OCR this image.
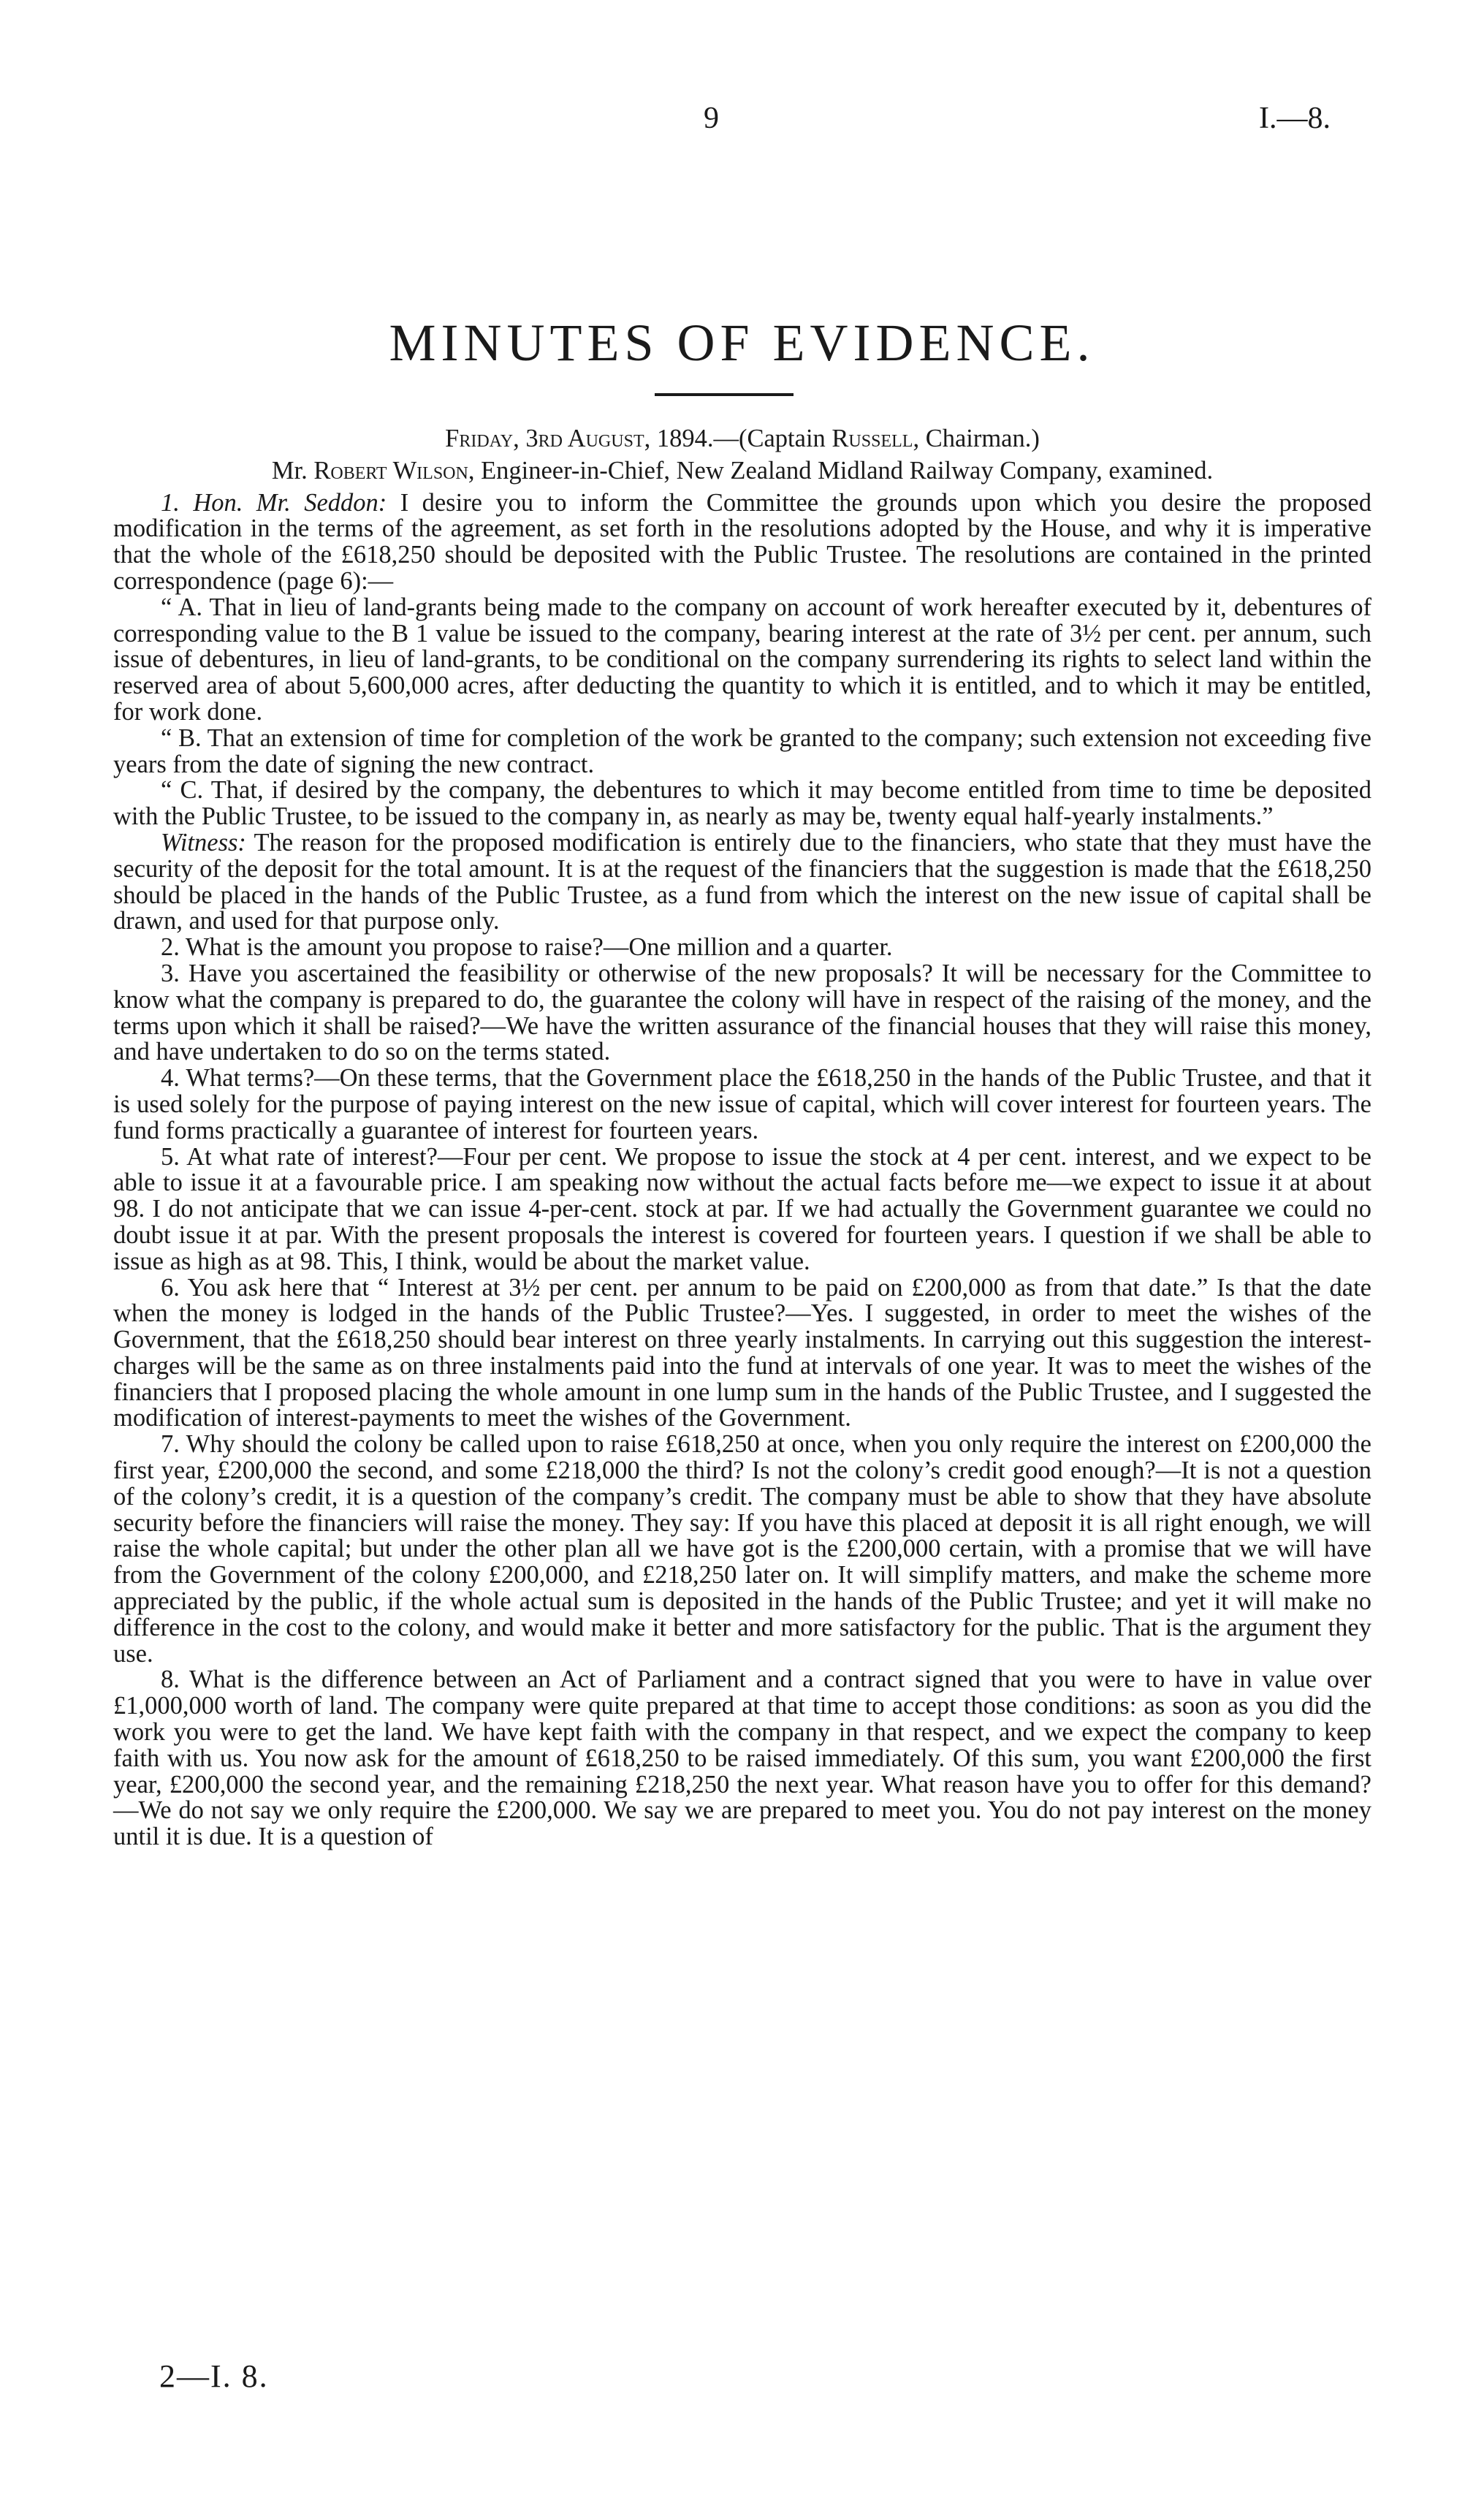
9	I.—8.
MINUTES OF EVIDENCE.
Friday, 3rd August, 1894.—(Captain Russell, Chairman.)
Mr. Robert Wilson, Engineer-in-Chief, New Zealand Midland Railway Company, examined.

1. Hon. Mr. Seddon: I desire you to inform the Committee the grounds upon which you desire the proposed modification in the terms of the agreement, as set forth in the resolutions adopted by the House, and why it is imperative that the whole of the £618,250 should be deposited with the Public Trustee. The resolutions are contained in the printed correspondence (page 6):—

“ A. That in lieu of land-grants being made to the company on account of work hereafter executed by it, debentures of corresponding value to the B 1 value be issued to the company, bearing interest at the rate of 3½ per cent. per annum, such issue of debentures, in lieu of land-grants, to be conditional on the company surrendering its rights to select land within the reserved area of about 5,600,000 acres, after deducting the quantity to which it is entitled, and to which it may be entitled, for work done.

“ B. That an extension of time for completion of the work be granted to the company; such extension not exceeding five years from the date of signing the new contract.

“ C. That, if desired by the company, the debentures to which it may become entitled from time to time be deposited with the Public Trustee, to be issued to the company in, as nearly as may be, twenty equal half-yearly instalments.”

Witness: The reason for the proposed modification is entirely due to the financiers, who state that they must have the security of the deposit for the total amount. It is at the request of the financiers that the suggestion is made that the £618,250 should be placed in the hands of the Public Trustee, as a fund from which the interest on the new issue of capital shall be drawn, and used for that purpose only.

2. What is the amount you propose to raise?—One million and a quarter.

3. Have you ascertained the feasibility or otherwise of the new proposals? It will be necessary for the Committee to know what the company is prepared to do, the guarantee the colony will have in respect of the raising of the money, and the terms upon which it shall be raised?—We have the written assurance of the financial houses that they will raise this money, and have undertaken to do so on the terms stated.

4. What terms?—On these terms, that the Government place the £618,250 in the hands of the Public Trustee, and that it is used solely for the purpose of paying interest on the new issue of capital, which will cover interest for fourteen years. The fund forms practically a guarantee of interest for fourteen years.

5. At what rate of interest?—Four per cent. We propose to issue the stock at 4 per cent. interest, and we expect to be able to issue it at a favourable price. I am speaking now without the actual facts before me—we expect to issue it at about 98. I do not anticipate that we can issue 4-per-cent. stock at par. If we had actually the Government guarantee we could no doubt issue it at par. With the present proposals the interest is covered for fourteen years. I question if we shall be able to issue as high as at 98. This, I think, would be about the market value.

6. You ask here that “ Interest at 3½ per cent. per annum to be paid on £200,000 as from that date.” Is that the date when the money is lodged in the hands of the Public Trustee?—Yes. I suggested, in order to meet the wishes of the Government, that the £618,250 should bear interest on three yearly instalments. In carrying out this suggestion the interest-charges will be the same as on three instalments paid into the fund at intervals of one year. It was to meet the wishes of the financiers that I proposed placing the whole amount in one lump sum in the hands of the Public Trustee, and I suggested the modification of interest-payments to meet the wishes of the Government.

7. Why should the colony be called upon to raise £618,250 at once, when you only require the interest on £200,000 the first year, £200,000 the second, and some £218,000 the third? Is not the colony’s credit good enough?—It is not a question of the colony’s credit, it is a question of the company’s credit. The company must be able to show that they have absolute security before the financiers will raise the money. They say: If you have this placed at deposit it is all right enough, we will raise the whole capital; but under the other plan all we have got is the £200,000 certain, with a promise that we will have from the Government of the colony £200,000, and £218,250 later on. It will simplify matters, and make the scheme more appreciated by the public, if the whole actual sum is deposited in the hands of the Public Trustee; and yet it will make no difference in the cost to the colony, and would make it better and more satisfactory for the public. That is the argument they use.

8. What is the difference between an Act of Parliament and a contract signed that you were to have in value over £1,000,000 worth of land. The company were quite prepared at that time to accept those conditions: as soon as you did the work you were to get the land. We have kept faith with the company in that respect, and we expect the company to keep faith with us. You now ask for the amount of £618,250 to be raised immediately. Of this sum, you want £200,000 the first year, £200,000 the second year, and the remaining £218,250 the next year. What reason have you to offer for this demand?—We do not say we only require the £200,000. We say we are prepared to meet you. You do not pay interest on the money until it is due. It is a question of

2—I. 8.
